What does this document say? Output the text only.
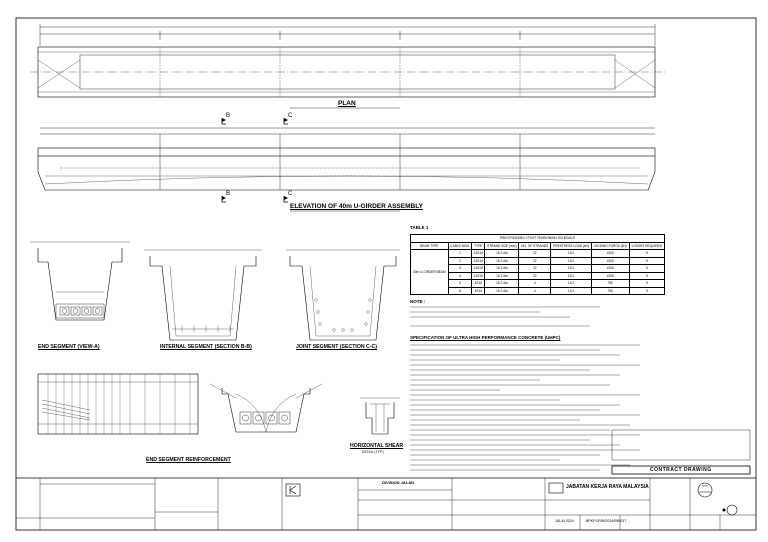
PLAN
ELEVATION OF 40m U-GIRDER ASSEMBLY
B	C
B	C
END SEGMENT (VIEW-A)	INTERNAL SEGMENT (SECTION B-B)	JOINT SEGMENT (SECTION C-C)
END SEGMENT REINFORCEMENT
HORIZONTAL SHEAR
DETAIL (TYP.)
TABLE 1
PRESTRESSING / POST-TENSIONING SCHEDULE							
BEAM TYPE	CABLE NUM.	TYPE	STRAND SIZE (mm)	NO. OF STRANDS	PRESTRESS LOAD (kN)	JACKING FORCE (kN)	LOSSES REQUIRED
40m U-GIRDER BEAM	1	12S15	15.2 dia	22	15.2	4200	5
	2	12S15	15.2 dia	22	15.2	4200	5
	3	12S15	15.2 dia	22	15.2	4200	5
	4	12S15	15.2 dia	22	15.2	4200	5
	5	4S15	15.2 dia	4	15.2	750	5
	6	4S15	15.2 dia	4	15.2	750	5
NOTE :
SPECIFICATION OF ULTRA HIGH PERFORMANCE CONCRETE (UHPC)
CONTRACT DRAWING
DIVISION JALAN
JABATAN KERJA RAYA MALAYSIA
JULAI 2024	BPKP/JR/B/2024/BR/017
